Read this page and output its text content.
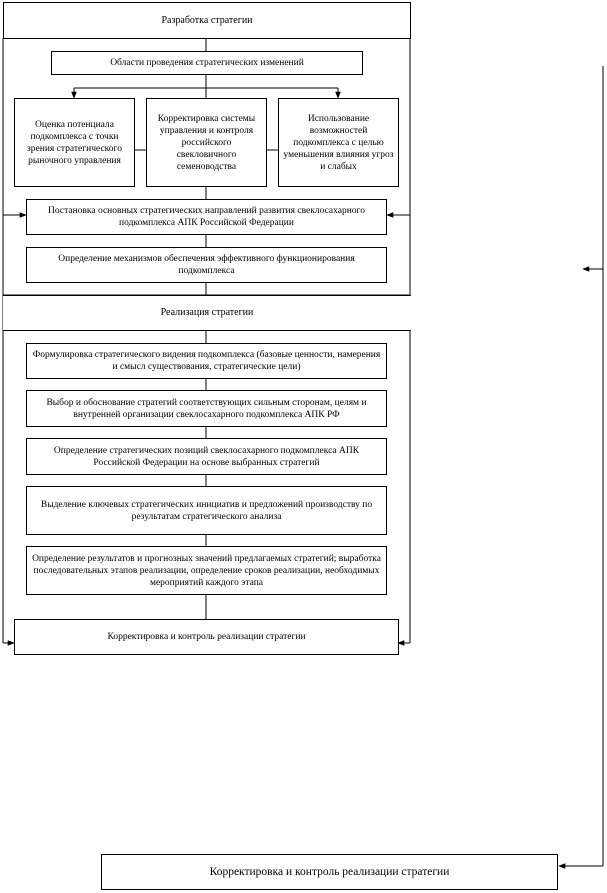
Разработка стратегии
Области проведения стратегических изменений
Оценка потенциала подкомплекса с точки зрения стратегического рыночного управления
Корректировка системы управления и контроля российского свекловичного семеноводства
Использование возможностей подкомплекса с целью уменьшения влияния угроз и слабых
Постановка основных стратегических направлений развития свеклосахарного подкомплекса АПК Российской Федерации
Определение механизмов обеспечения эффективного функционирования подкомплекса
Реализация стратегии
Формулировка стратегического видения подкомплекса (базовые ценности, намерения и смысл существования, стратегические цели)
Выбор и обоснование стратегий соответствующих сильным сторонам, целям и внутренней организации свеклосахарного подкомплекса АПК РФ
Определение стратегических позиций свеклосахарного подкомплекса АПК Российской Федерации на основе выбранных стратегий
Выделение ключевых стратегических инициатив и предложений производству по результатам стратегического анализа
Определение результатов и прогнозных значений предлагаемых стратегий; выработка последовательных этапов реализации, определение сроков реализации, необходимых мероприятий каждого этапа
Корректировка и контроль реализации стратегии
Корректировка и контроль реализации стратегии
